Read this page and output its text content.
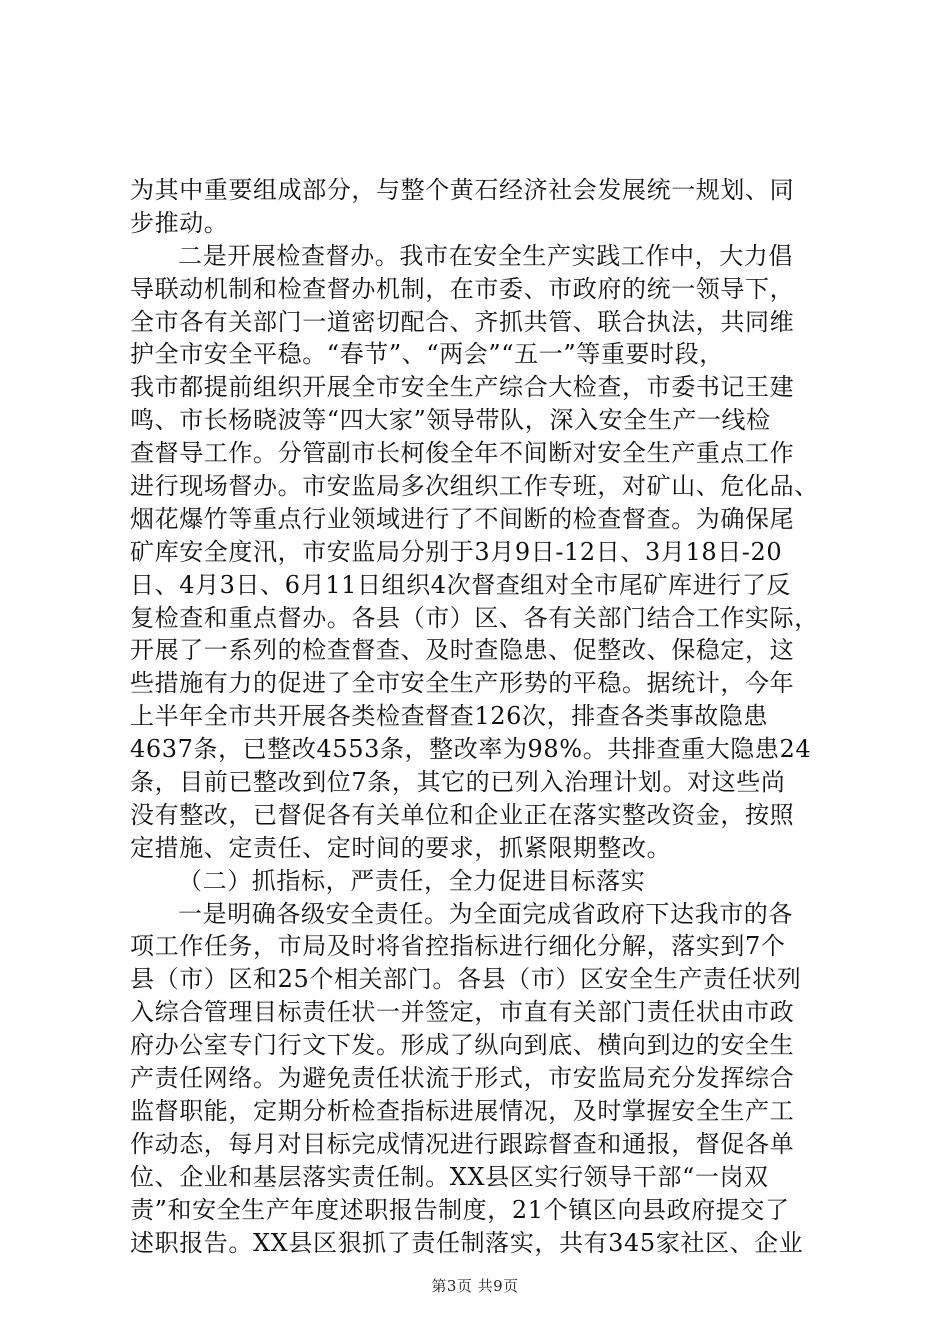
为其中重要组成部分，与整个黄石经济社会发展统一规划、同
步推动。
二是开展检查督办。我市在安全生产实践工作中，大力倡
导联动机制和检查督办机制，在市委、市政府的统一领导下，
全市各有关部门一道密切配合、齐抓共管、联合执法，共同维
护全市安全平稳。“春节”、“两会”“五一”等重要时段，
我市都提前组织开展全市安全生产综合大检查，市委书记王建
鸣、市长杨晓波等“四大家”领导带队，深入安全生产一线检
查督导工作。分管副市长柯俊全年不间断对安全生产重点工作
进行现场督办。市安监局多次组织工作专班，对矿山、危化品、
烟花爆竹等重点行业领域进行了不间断的检查督查。为确保尾
矿库安全度汛，市安监局分别于3月9日-12日、3月18日-20
日、4月3日、6月11日组织4次督查组对全市尾矿库进行了反
复检查和重点督办。各县（市）区、各有关部门结合工作实际，
开展了一系列的检查督查、及时查隐患、促整改、保稳定，这
些措施有力的促进了全市安全生产形势的平稳。据统计，今年
上半年全市共开展各类检查督查126次，排查各类事故隐患
4637条，已整改4553条，整改率为98%。共排查重大隐患24
条，目前已整改到位7条，其它的已列入治理计划。对这些尚
没有整改，已督促各有关单位和企业正在落实整改资金，按照
定措施、定责任、定时间的要求，抓紧限期整改。
（二）抓指标，严责任，全力促进目标落实
一是明确各级安全责任。为全面完成省政府下达我市的各
项工作任务，市局及时将省控指标进行细化分解，落实到7个
县（市）区和25个相关部门。各县（市）区安全生产责任状列
入综合管理目标责任状一并签定，市直有关部门责任状由市政
府办公室专门行文下发。形成了纵向到底、横向到边的安全生
产责任网络。为避免责任状流于形式，市安监局充分发挥综合
监督职能，定期分析检查指标进展情况，及时掌握安全生产工
作动态，每月对目标完成情况进行跟踪督查和通报，督促各单
位、企业和基层落实责任制。XX县区实行领导干部“一岗双
责”和安全生产年度述职报告制度，21个镇区向县政府提交了
述职报告。XX县区狠抓了责任制落实，共有345家社区、企业
第3页 共9页
